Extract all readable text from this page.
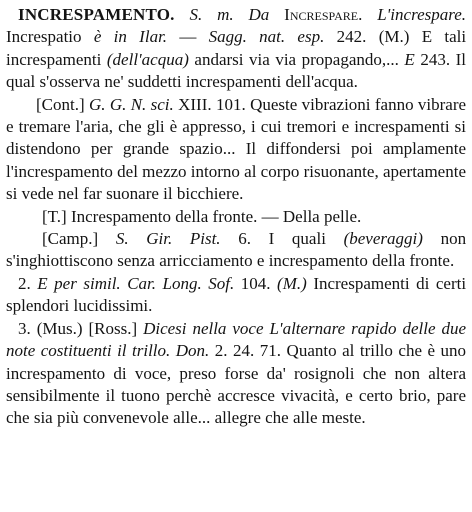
INCRESPAMENTO. S. m. Da Increspare. L'increspare. Increspatio è in Ilar. — Sagg. nat. esp. 242. (M.) E tali increspamenti (dell'acqua) andarsi via via propagando,... E 243. Il qual s'osserva ne' suddetti increspamenti dell'acqua.

[Cont.] G. G. N. sci. XIII. 101. Queste vibrazioni fanno vibrare e tremare l'aria, che gli è appresso, i cui tremori e increspamenti si distendono per grande spazio... Il diffondersi poi amplamente l'increspamento del mezzo intorno al corpo risuonante, apertamente si vede nel far suonare il bicchiere.

[T.] Increspamento della fronte. — Della pelle.

[Camp.] S. Gir. Pist. 6. I quali (beveraggi) non s'inghiottiscono senza arricciamento e increspamento della fronte.

2. E per simil. Car. Long. Sof. 104. (M.) Increspamenti di certi splendori lucidissimi.

3. (Mus.) [Ross.] Dicesi nella voce L'alternare rapido delle due note costituenti il trillo. Don. 2. 24. 71. Quanto al trillo che è uno increspamento di voce, preso forse da' rosignoli che non altera sensibilmente il tuono perchè accresce vivacità, e certo brio, pare che sia più convenevole alle... allegre che alle meste.
